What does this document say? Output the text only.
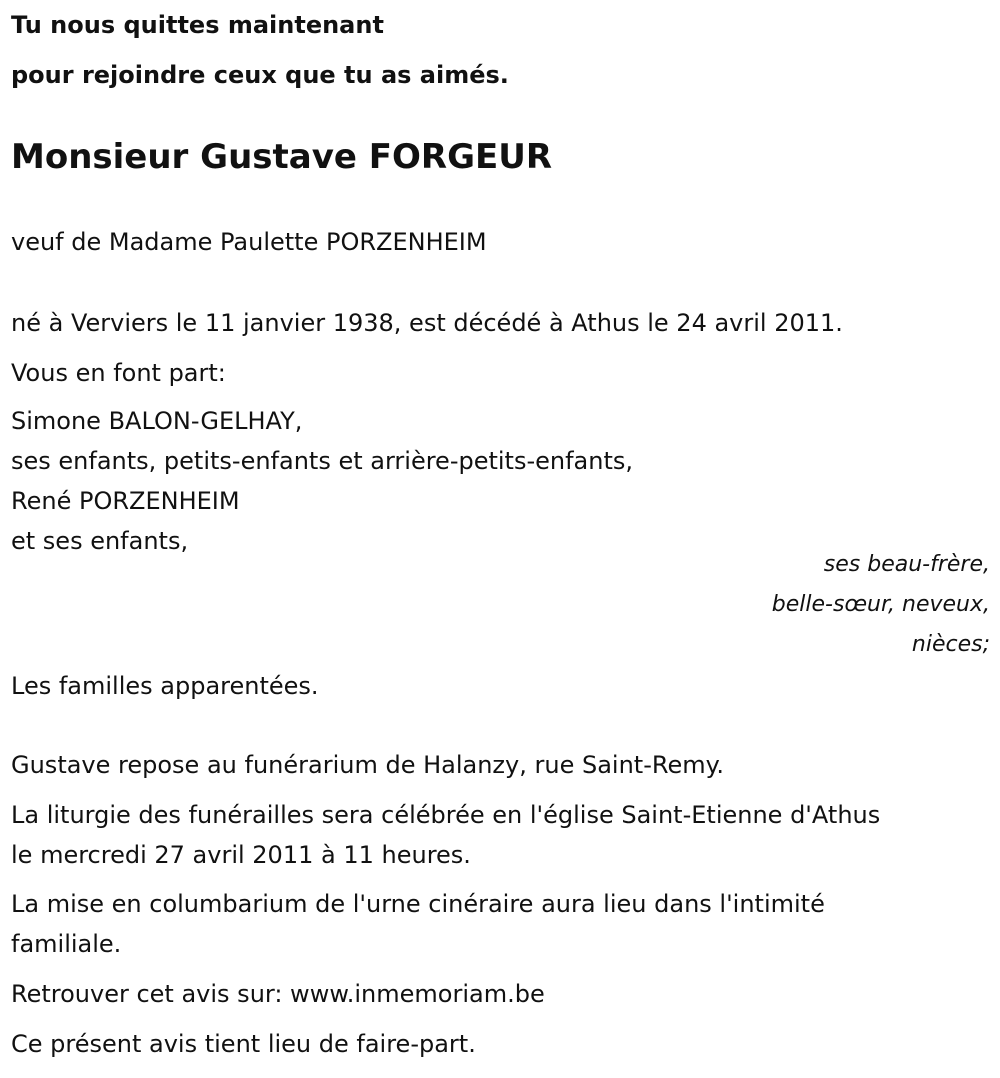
Tu nous quittes maintenant
pour rejoindre ceux que tu as aimés.
Monsieur Gustave FORGEUR
veuf de Madame Paulette PORZENHEIM
né à Verviers le 11 janvier 1938, est décédé à Athus le 24 avril 2011.
Vous en font part:
Simone BALON-GELHAY,
ses enfants, petits-enfants et arrière-petits-enfants,
René PORZENHEIM
et ses enfants,
ses beau-frère,
belle-sœur, neveux,
nièces;
Les familles apparentées.
Gustave repose au funérarium de Halanzy, rue Saint-Remy.
La liturgie des funérailles sera célébrée en l'église Saint-Etienne d'Athus
le mercredi 27 avril 2011 à 11 heures.
La mise en columbarium de l'urne cinéraire aura lieu dans l'intimité
familiale.
Retrouver cet avis sur: www.inmemoriam.be
Ce présent avis tient lieu de faire-part.
